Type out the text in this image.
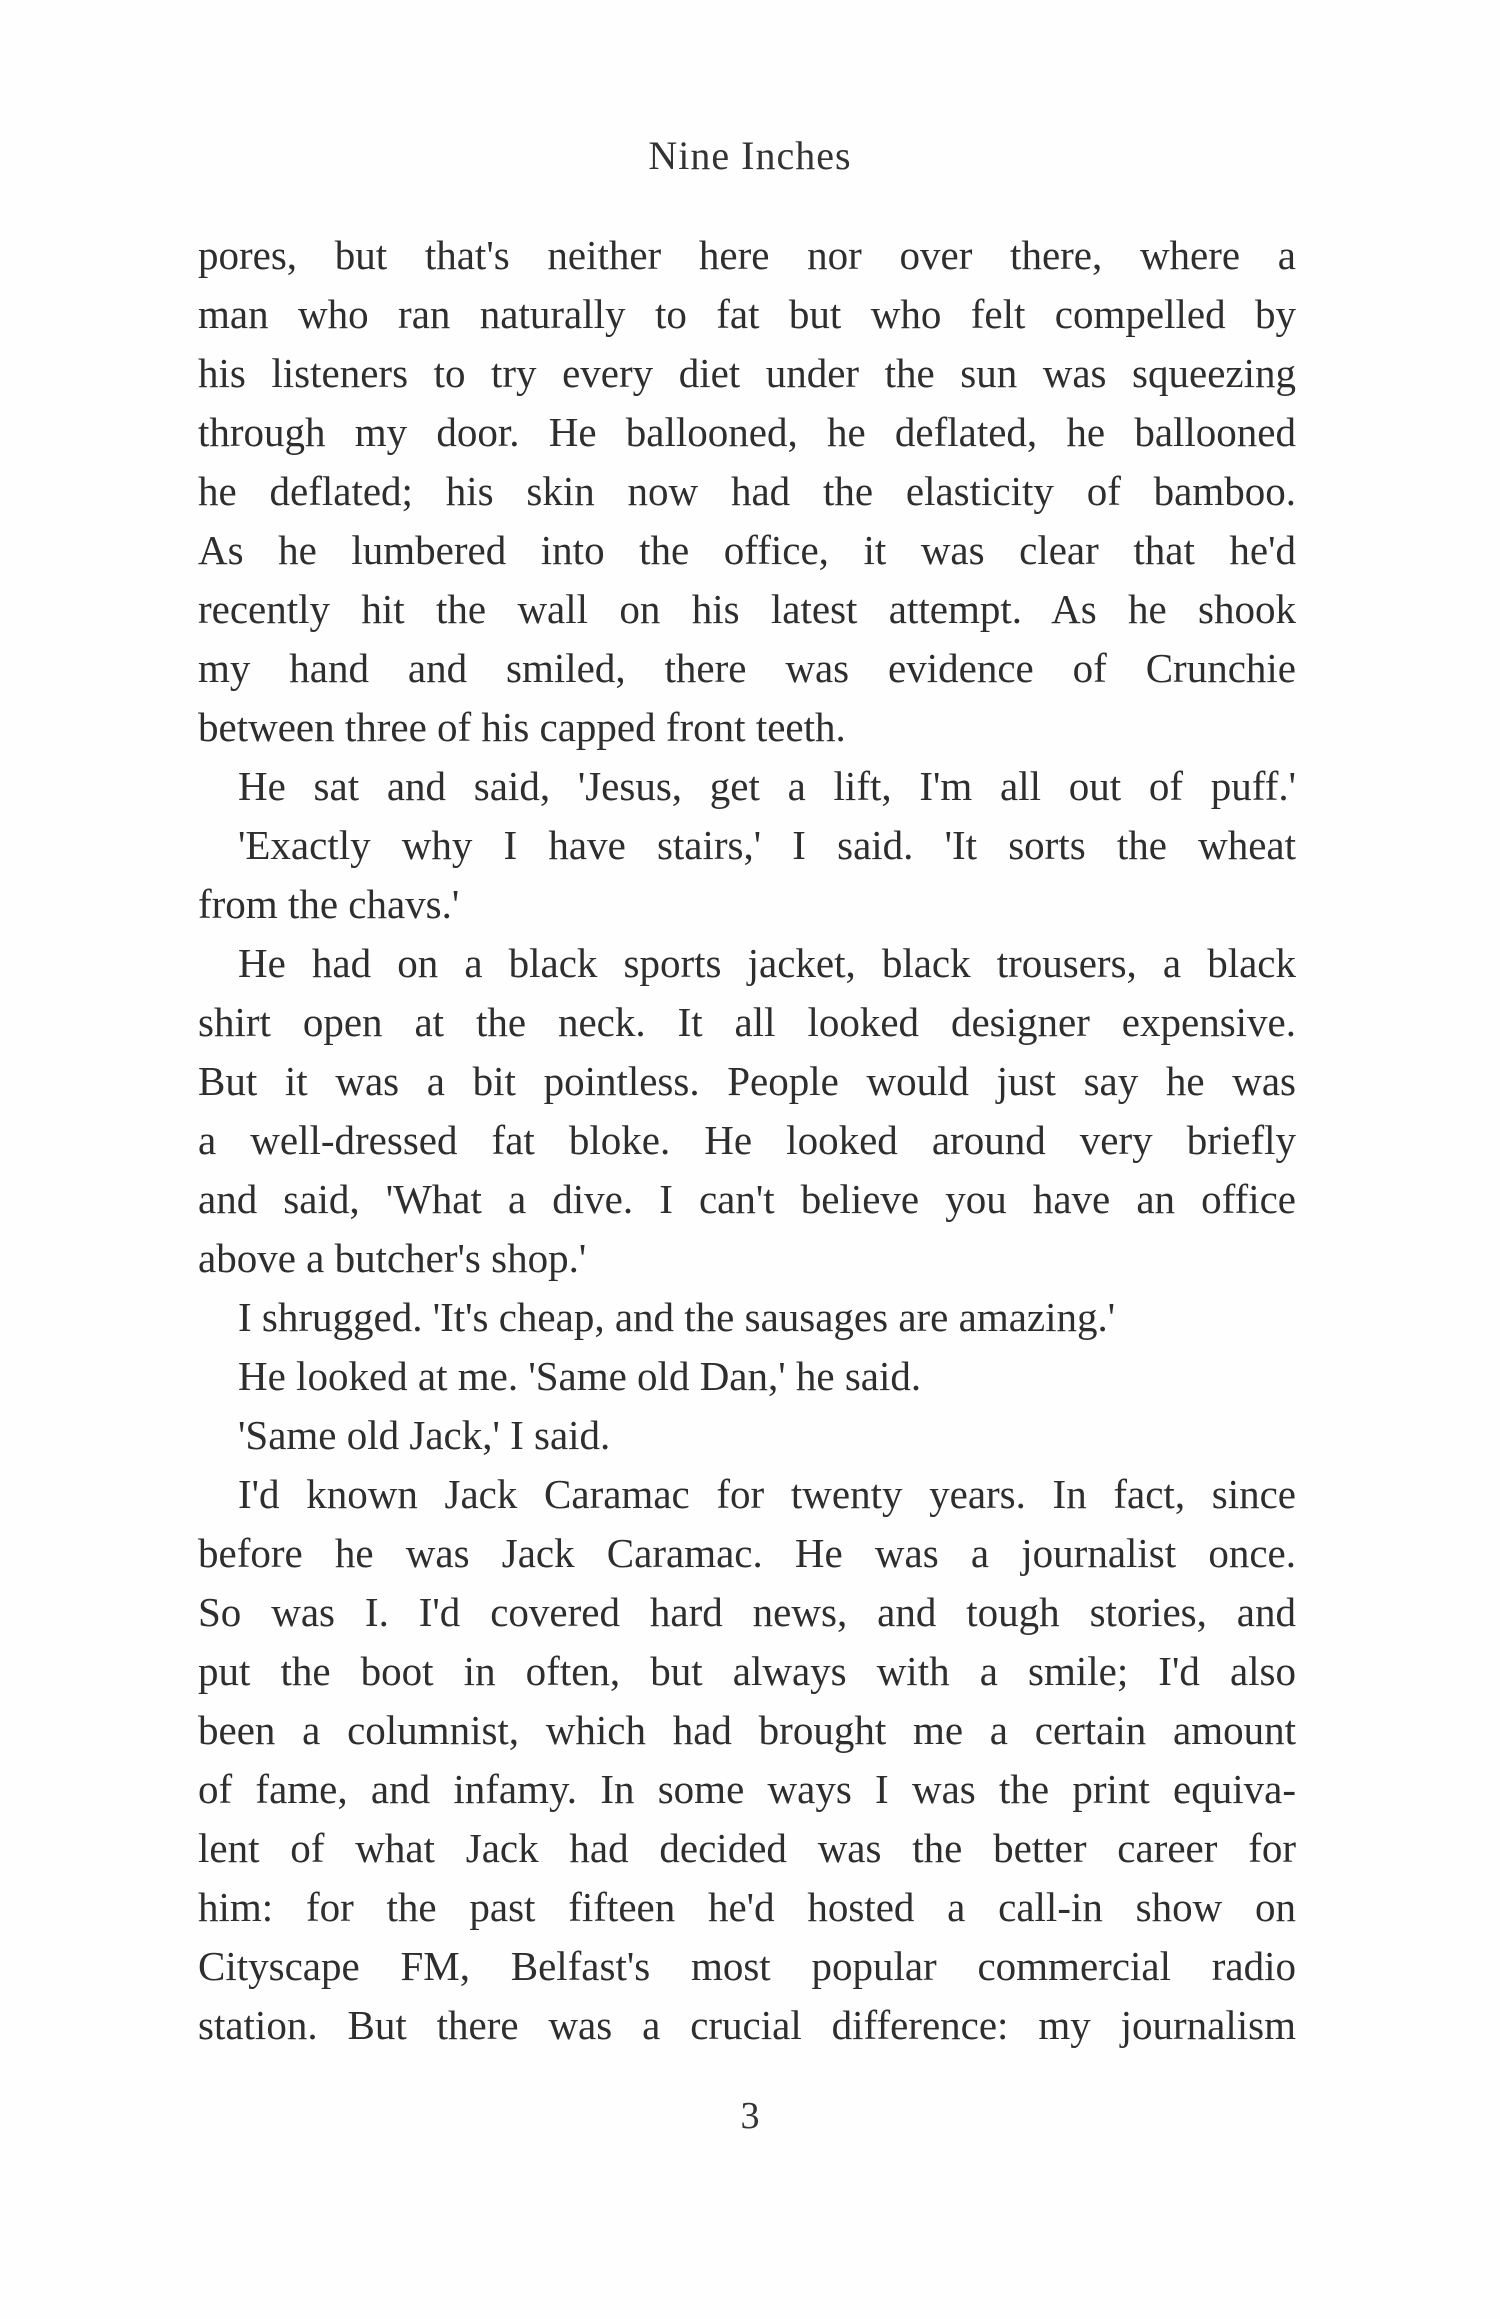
Nine Inches
pores, but that's neither here nor over there, where a
man who ran naturally to fat but who felt compelled by
his listeners to try every diet under the sun was squeezing
through my door. He ballooned, he deflated, he ballooned
he deflated; his skin now had the elasticity of bamboo.
As he lumbered into the office, it was clear that he'd
recently hit the wall on his latest attempt. As he shook
my hand and smiled, there was evidence of Crunchie
between three of his capped front teeth.
He sat and said, 'Jesus, get a lift, I'm all out of puff.'
'Exactly why I have stairs,' I said. 'It sorts the wheat
from the chavs.'
He had on a black sports jacket, black trousers, a black
shirt open at the neck. It all looked designer expensive.
But it was a bit pointless. People would just say he was
a well-dressed fat bloke. He looked around very briefly
and said, 'What a dive. I can't believe you have an office
above a butcher's shop.'
I shrugged. 'It's cheap, and the sausages are amazing.'
He looked at me. 'Same old Dan,' he said.
'Same old Jack,' I said.
I'd known Jack Caramac for twenty years. In fact, since
before he was Jack Caramac. He was a journalist once.
So was I. I'd covered hard news, and tough stories, and
put the boot in often, but always with a smile; I'd also
been a columnist, which had brought me a certain amount
of fame, and infamy. In some ways I was the print equiva-
lent of what Jack had decided was the better career for
him: for the past fifteen he'd hosted a call-in show on
Cityscape FM, Belfast's most popular commercial radio
station. But there was a crucial difference: my journalism
3
